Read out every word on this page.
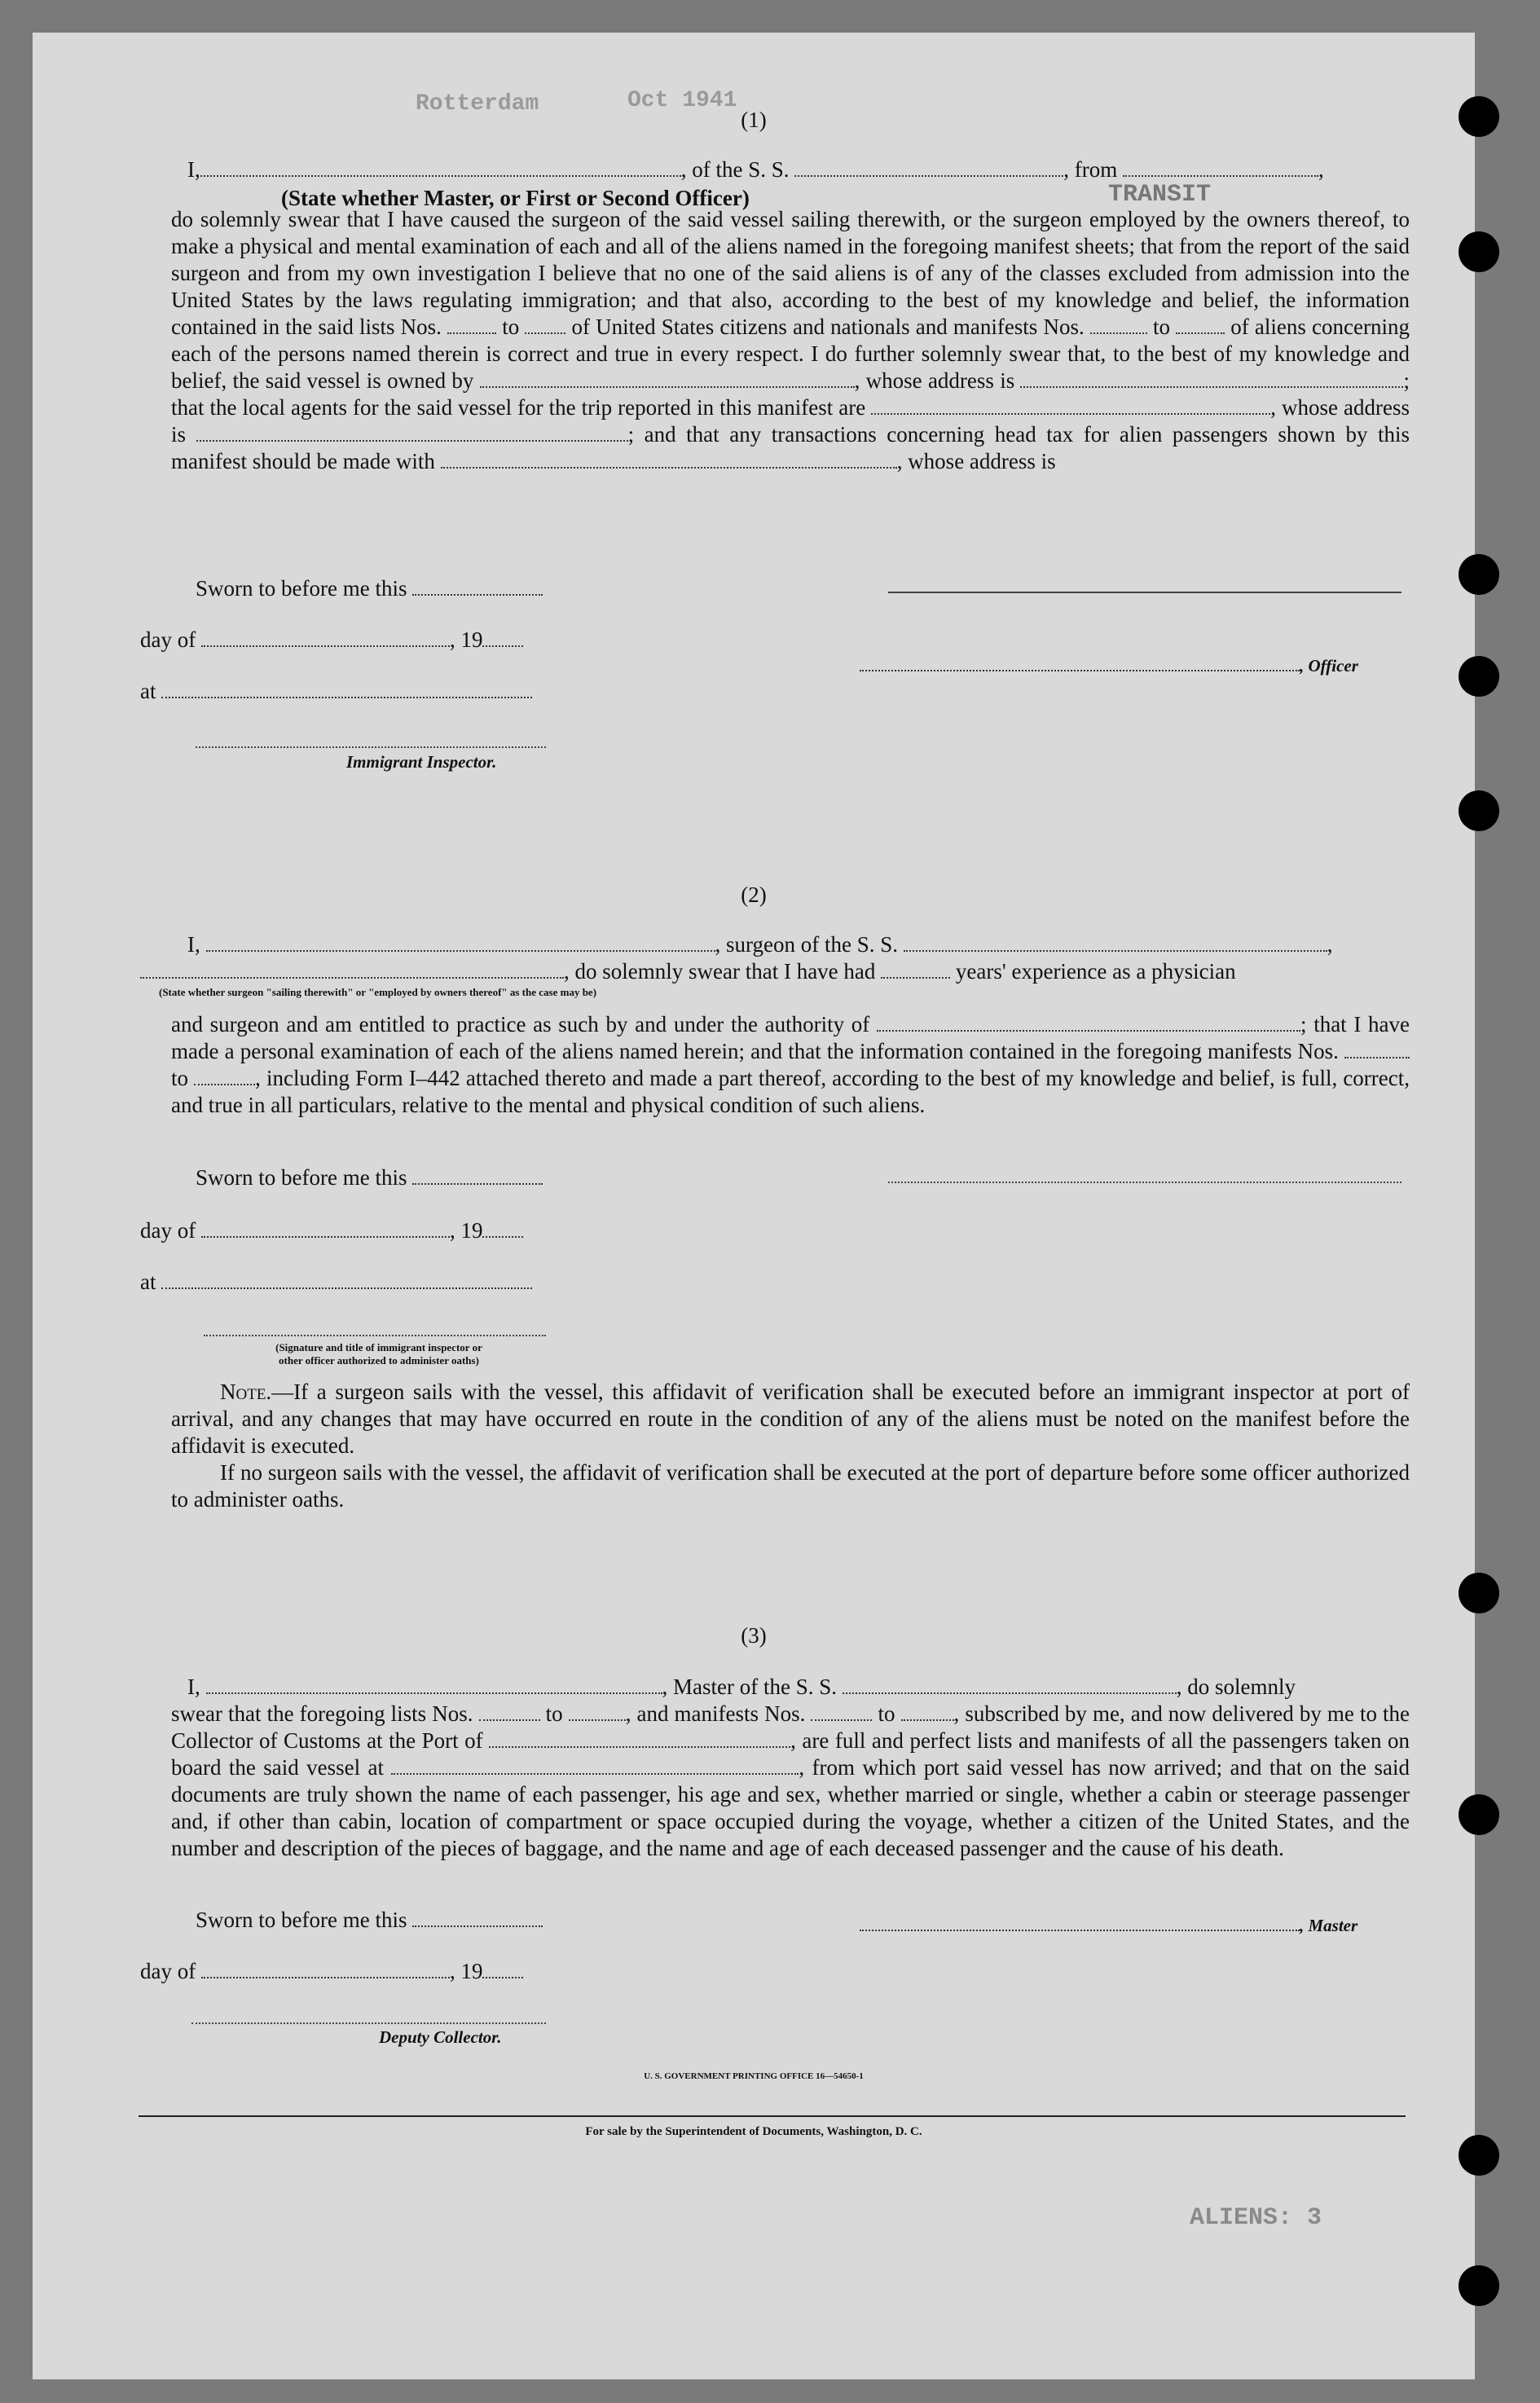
Rotterdam	Oct 1941
TRANSIT
ALIENS: 3
(1)
I,	, of the S. S.	, from	,
(State whether Master, or First or Second Officer)

do solemnly swear that I have caused the surgeon of the said vessel sailing therewith, or the surgeon employed by the owners thereof, to make a physical and mental examination of each and all of the aliens named in the foregoing manifest sheets; that from the report of the said surgeon and from my own investigation I believe that no one of the said aliens is of any of the classes excluded from admission into the United States by the laws regulating immigration; and that also, according to the best of my knowledge and belief, the information contained in the said lists Nos.	to of United States citizens and nationals and manifests Nos.	to	of aliens concerning each of the persons named therein is correct and true in every respect. I do further solemnly swear that, to the best of my knowledge and belief, the said vessel is owned by	, whose address is	; that the local agents for the said vessel for the trip reported in this manifest are	, whose address is	; and that any transactions concerning head tax for alien passengers shown by this manifest should be made with	, whose address is

Sworn to before me this
day of	, 19
, Officer
at
Immigrant Inspector.
(2)
I,	, surgeon of the S. S.	,
, do solemnly swear that I have had	years' experience as a physician
(State whether surgeon "sailing therewith" or "employed by owners thereof" as the case may be)

and surgeon and am entitled to practice as such by and under the authority of	; that I have made a personal examination of each of the aliens named herein; and that the information contained in the foregoing manifests Nos.  to	, including Form I–442 attached thereto and made a part thereof, according to the best of my knowledge and belief, is full, correct, and true in all particulars, relative to the mental and physical condition of such aliens.

Sworn to before me this
day of	, 19
at
(Signature and title of immigrant inspector or
other officer authorized to administer oaths)

Note.—If a surgeon sails with the vessel, this affidavit of verification shall be executed before an immigrant inspector at port of arrival, and any changes that may have occurred en route in the condition of any of the aliens must be noted on the manifest before the affidavit is executed.

If no surgeon sails with the vessel, the affidavit of verification shall be executed at the port of departure before some officer authorized to administer oaths.

(3)
I,	, Master of the S. S.	, do solemnly

swear that the foregoing lists Nos.	to	, and manifests Nos.	to	, subscribed by me, and now delivered by me to the Collector of Customs at the Port of	, are full and perfect lists and manifests of all the passengers taken on board the said vessel at	, from which port said vessel has now arrived; and that on the said documents are truly shown the name of each passenger, his age and sex, whether married or single, whether a cabin or steerage passenger and, if other than cabin, location of compartment or space occupied during the voyage, whether a citizen of the United States, and the number and description of the pieces of baggage, and the name and age of each deceased passenger and the cause of his death.

Sworn to before me this	, Master
day of	, 19
Deputy Collector.
U. S. GOVERNMENT PRINTING OFFICE 16—54650-1
For sale by the Superintendent of Documents, Washington, D. C.
